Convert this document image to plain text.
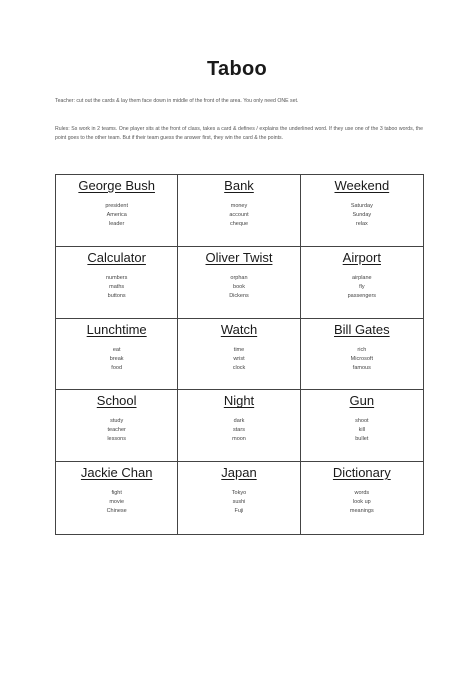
Taboo

Teacher: cut out the cards & lay them face down in middle of the front of the area. You only need ONE set.

Rules: Ss work in 2 teams. One player sits at the front of class, takes a card & defines / explains the underlined word. If they use one of the 3 taboo words, the point goes to the other team. But if their team guess the answer first, they win the card & the points.

George Bush
president
America
leader
Bank
money
account
cheque
Weekend
Saturday
Sunday
relax
Calculator
numbers
maths
buttons
Oliver Twist
orphan
book
Dickens
Airport
airplane
fly
passengers
Lunchtime
eat
break
food
Watch
time
wrist
clock
Bill Gates
rich
Microsoft
famous
School
study
teacher
lessons
Night
dark
stars
moon
Gun
shoot
kill
bullet
Jackie Chan
fight
movie
Chinese
Japan
Tokyo
sushi
Fuji
Dictionary
words
look up
meanings
